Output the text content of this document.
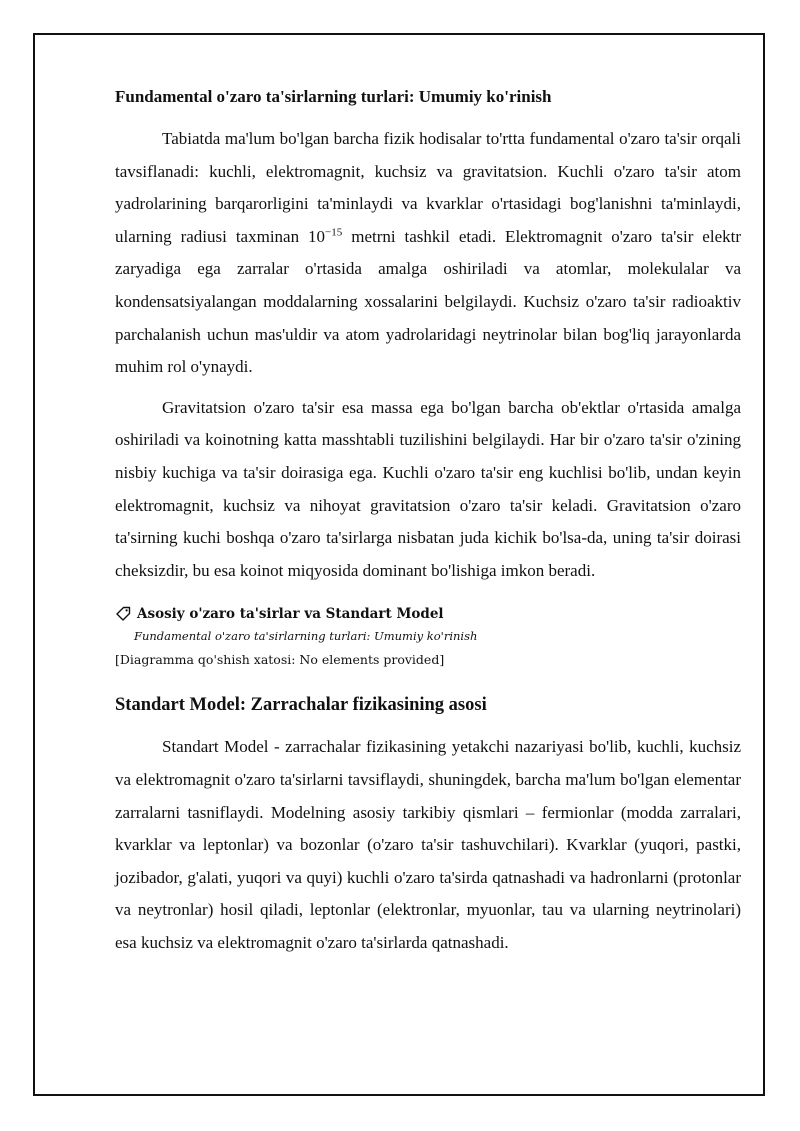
Fundamental o'zaro ta'sirlarning turlari: Umumiy ko'rinish

Tabiatda ma'lum bo'lgan barcha fizik hodisalar to'rtta fundamental o'zaro ta'sir orqali tavsiflanadi: kuchli, elektromagnit, kuchsiz va gravitatsion. Kuchli o'zaro ta'sir atom yadrolarining barqarorligini ta'minlaydi va kvarklar o'rtasidagi bog'lanishni ta'minlaydi, ularning radiusi taxminan $10^{-15}$ metrni tashkil etadi. Elektromagnit o'zaro ta'sir elektr zaryadiga ega zarralar o'rtasida amalga oshiriladi va atomlar, molekulalar va kondensatsiyalangan moddalarning xossalarini belgilaydi. Kuchsiz o'zaro ta'sir radioaktiv parchalanish uchun mas'uldir va atom yadrolaridagi neytrinolar bilan bog'liq jarayonlarda muhim rol o'ynaydi.

Gravitatsion o'zaro ta'sir esa massa ega bo'lgan barcha ob'ektlar o'rtasida amalga oshiriladi va koinotning katta masshtabli tuzilishini belgilaydi. Har bir o'zaro ta'sir o'zining nisbiy kuchiga va ta'sir doirasiga ega. Kuchli o'zaro ta'sir eng kuchlisi bo'lib, undan keyin elektromagnit, kuchsiz va nihoyat gravitatsion o'zaro ta'sir keladi. Gravitatsion o'zaro ta'sirning kuchi boshqa o'zaro ta'sirlarga nisbatan juda kichik bo'lsa-da, uning ta'sir doirasi cheksizdir, bu esa koinot miqyosida dominant bo'lishiga imkon beradi.

Asosiy o'zaro ta'sirlar va Standart Model
Fundamental o'zaro ta'sirlarning turlari: Umumiy ko'rinish
[Diagramma qo'shish xatosi: No elements provided]
Standart Model: Zarrachalar fizikasining asosi

Standart Model - zarrachalar fizikasining yetakchi nazariyasi bo'lib, kuchli, kuchsiz va elektromagnit o'zaro ta'sirlarni tavsiflaydi, shuningdek, barcha ma'lum bo'lgan elementar zarralarni tasniflaydi. Modelning asosiy tarkibiy qismlari – fermionlar (modda zarralari, kvarklar va leptonlar) va bozonlar (o'zaro ta'sir tashuvchilari). Kvarklar (yuqori, pastki, jozibador, g'alati, yuqori va quyi) kuchli o'zaro ta'sirda qatnashadi va hadronlarni (protonlar va neytronlar) hosil qiladi, leptonlar (elektronlar, myuonlar, tau va ularning neytrinolari) esa kuchsiz va elektromagnit o'zaro ta'sirlarda qatnashadi.
